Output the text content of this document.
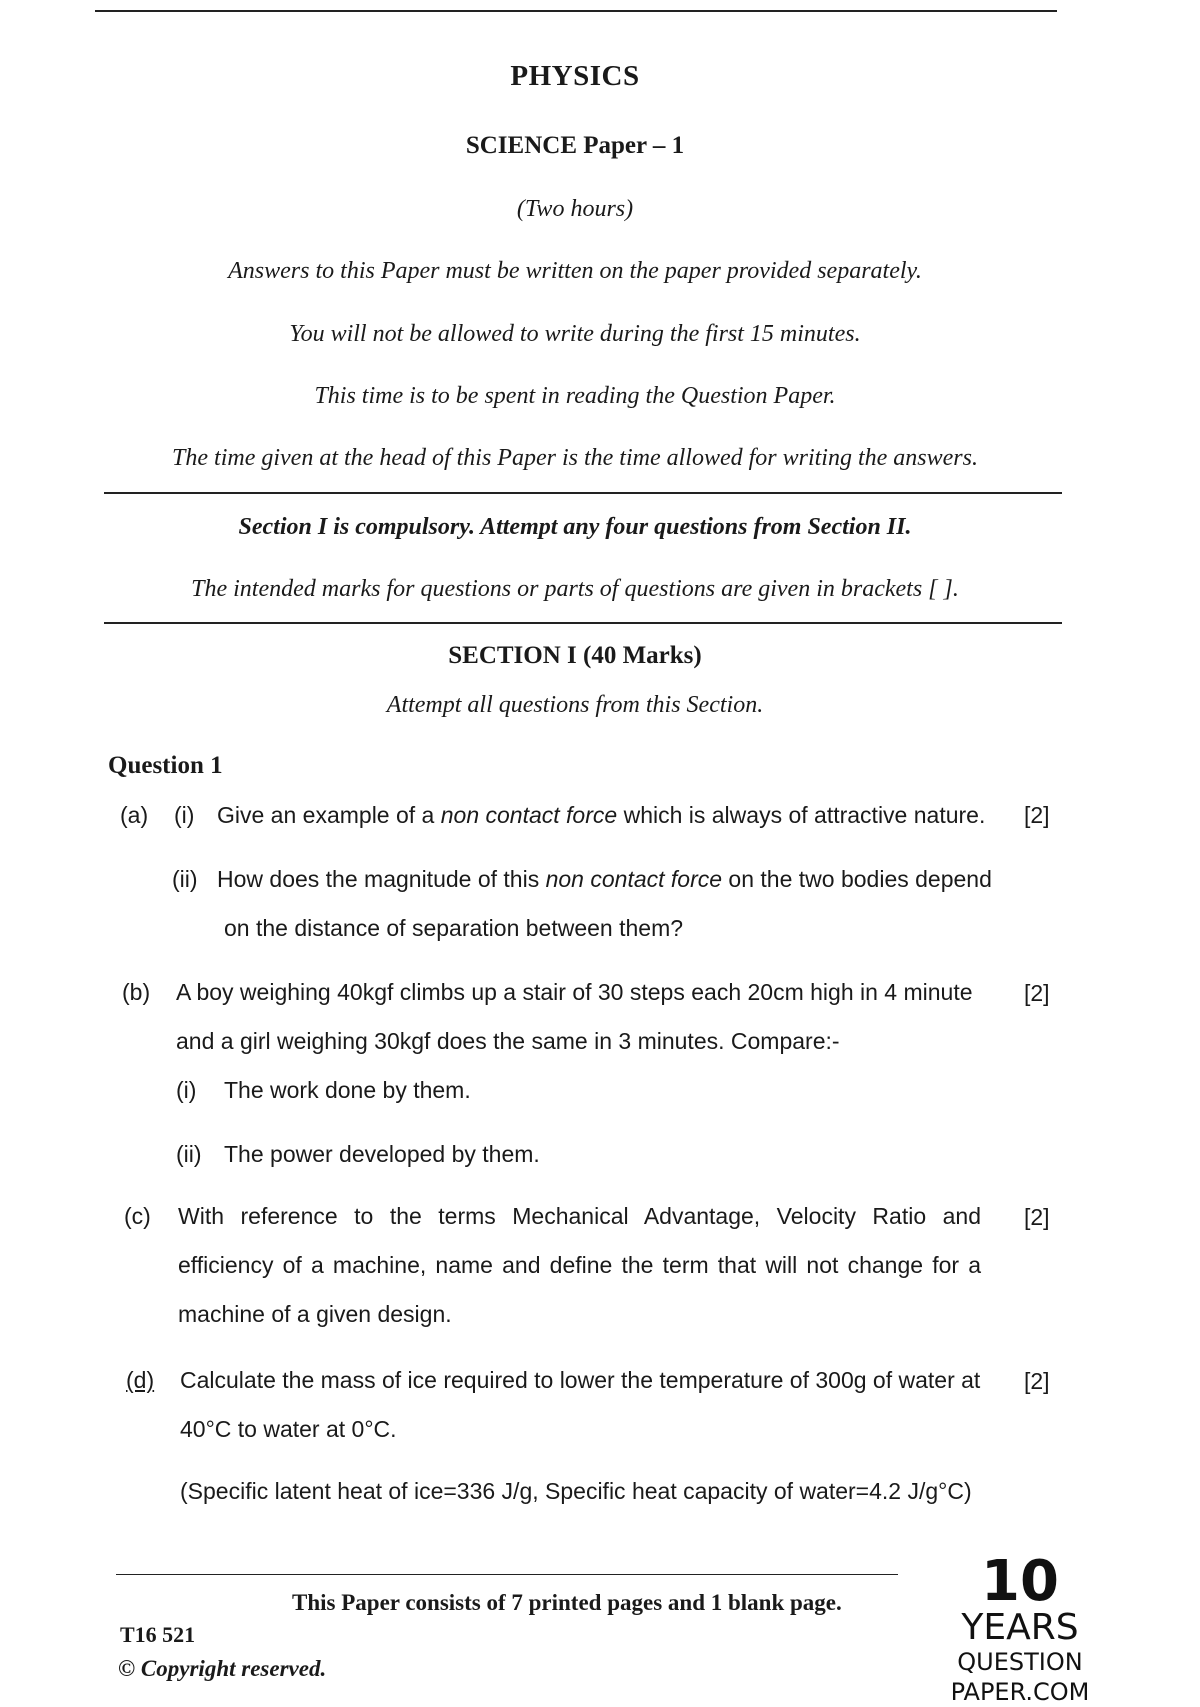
PHYSICS
SCIENCE Paper – 1
(Two hours)
Answers to this Paper must be written on the paper provided separately.
You will not be allowed to write during the first 15 minutes.
This time is to be spent in reading the Question Paper.
The time given at the head of this Paper is the time allowed for writing the answers.
Section I is compulsory. Attempt any four questions from Section II.
The intended marks for questions or parts of questions are given in brackets [ ].
SECTION I (40 Marks)
Attempt all questions from this Section.
Question 1
(a) (i) Give an example of a non contact force which is always of attractive nature. [2]
(ii) How does the magnitude of this non contact force on the two bodies depend
on the distance of separation between them?
(b) A boy weighing 40kgf climbs up a stair of 30 steps each 20cm high in 4 minute
and a girl weighing 30kgf does the same in 3 minutes. Compare:-
[2]
(i) The work done by them.
(ii) The power developed by them.
(c) With reference to the terms Mechanical Advantage, Velocity Ratio and
efficiency of a machine, name and define the term that will not change for a
machine of a given design.
[2]
(d) Calculate the mass of ice required to lower the temperature of 300g of water at
40°C to water at 0°C.
[2]
(Specific latent heat of ice=336 J/g, Specific heat capacity of water=4.2 J/g°C)
This Paper consists of 7 printed pages and 1 blank page.
T16 521
© Copyright reserved.
10
YEARS
QUESTION PAPER.COM
